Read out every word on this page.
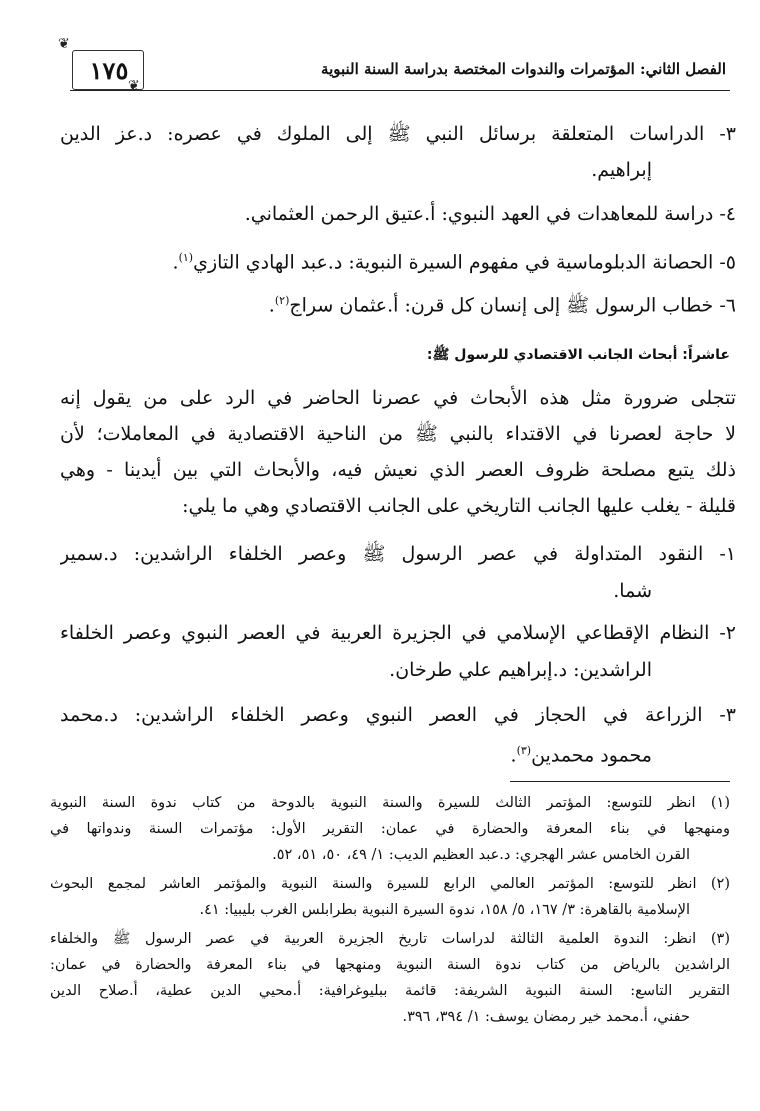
الفصل الثاني: المؤتمرات والندوات المختصة بدراسة السنة النبوية
❦
❦
١٧٥
٣- الدراسات المتعلقة برسائل النبي ﷺ إلى الملوك في عصره: د.عز الدين
إبراهيم.
٤- دراسة للمعاهدات في العهد النبوي: أ.عتيق الرحمن العثماني.
٥- الحصانة الدبلوماسية في مفهوم السيرة النبوية: د.عبد الهادي التازي$^{(١)}$.
٦- خطاب الرسول ﷺ إلى إنسان كل قرن: أ.عثمان سراج$^{(٢)}$.
عاشراً: أبحاث الجانب الاقتصادي للرسول ﷺ:
تتجلى ضرورة مثل هذه الأبحاث في عصرنا الحاضر في الرد على من يقول إنه
لا حاجة لعصرنا في الاقتداء بالنبي ﷺ من الناحية الاقتصادية في المعاملات؛ لأن
ذلك يتبع مصلحة ظروف العصر الذي نعيش فيه، والأبحاث التي بين أيدينا - وهي
قليلة - يغلب عليها الجانب التاريخي على الجانب الاقتصادي وهي ما يلي:
١- النقود المتداولة في عصر الرسول ﷺ وعصر الخلفاء الراشدين: د.سمير
شما.
٢- النظام الإقطاعي الإسلامي في الجزيرة العربية في العصر النبوي وعصر الخلفاء
الراشدين: د.إبراهيم علي طرخان.
٣- الزراعة في الحجاز في العصر النبوي وعصر الخلفاء الراشدين: د.محمد
محمود محمدين$^{(٣)}$.
(١) انظر للتوسع: المؤتمر الثالث للسيرة والسنة النبوية بالدوحة من كتاب ندوة السنة النبوية
ومنهجها في بناء المعرفة والحضارة في عمان: التقرير الأول: مؤتمرات السنة وندواتها في
القرن الخامس عشر الهجري: د.عبد العظيم الديب: ١/ ٤٩، ٥٠، ٥١، ٥٢.
(٢) انظر للتوسع: المؤتمر العالمي الرابع للسيرة والسنة النبوية والمؤتمر العاشر لمجمع البحوث
الإسلامية بالقاهرة: ٣/ ١٦٧، ٥/ ١٥٨، ندوة السيرة النبوية بطرابلس الغرب بليبيا: ٤١.
(٣) انظر: الندوة العلمية الثالثة لدراسات تاريخ الجزيرة العربية في عصر الرسول ﷺ والخلفاء
الراشدين بالرياض من كتاب ندوة السنة النبوية ومنهجها في بناء المعرفة والحضارة في عمان:
التقرير التاسع: السنة النبوية الشريفة: قائمة ببليوغرافية: أ.محيي الدين عطية، أ.صلاح الدين
حفني، أ.محمد خير رمضان يوسف: ١/ ٣٩٤، ٣٩٦.
